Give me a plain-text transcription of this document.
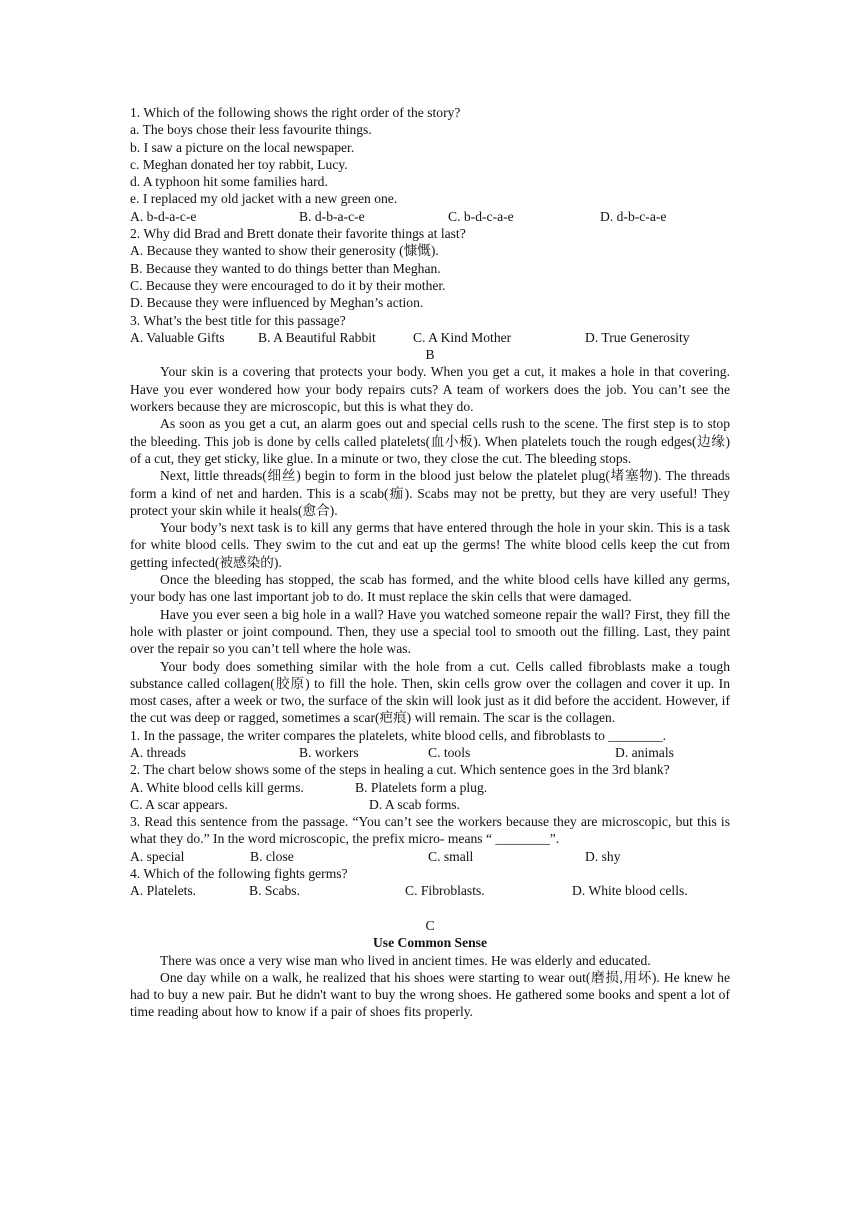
1. Which of the following shows the right order of the story?
a. The boys chose their less favourite things.
b. I saw a picture on the local newspaper.
c. Meghan donated her toy rabbit, Lucy.
d. A typhoon hit some families hard.
e. I replaced my old jacket with a new green one.
A. b-d-a-c-e	B. d-b-a-c-e	C. b-d-c-a-e	D. d-b-c-a-e
2. Why did Brad and Brett donate their favorite things at last?
A. Because they wanted to show their generosity (慷慨).
B. Because they wanted to do things better than Meghan.
C. Because they were encouraged to do it by their mother.
D. Because they were influenced by Meghan’s action.
3. What’s the best title for this passage?
A. Valuable Gifts B. A Beautiful Rabbit	C. A Kind Mother	D. True Generosity
B

Your skin is a covering that protects your body. When you get a cut, it makes a hole in that covering. Have you ever wondered how your body repairs cuts? A team of workers does the job. You can’t see the workers because they are microscopic, but this is what they do.

As soon as you get a cut, an alarm goes out and special cells rush to the scene. The first step is to stop the bleeding. This job is done by cells called platelets(血小板). When platelets touch the rough edges(边缘) of a cut, they get sticky, like glue. In a minute or two, they close the cut. The bleeding stops.

Next, little threads(细丝) begin to form in the blood just below the platelet plug(堵塞物). The threads form a kind of net and harden. This is a scab(痂). Scabs may not be pretty, but they are very useful! They protect your skin while it heals(愈合).

Your body’s next task is to kill any germs that have entered through the hole in your skin. This is a task for white blood cells. They swim to the cut and eat up the germs! The white blood cells keep the cut from getting infected(被感染的).

Once the bleeding has stopped, the scab has formed, and the white blood cells have killed any germs, your body has one last important job to do. It must replace the skin cells that were damaged.

Have you ever seen a big hole in a wall? Have you watched someone repair the wall? First, they fill the hole with plaster or joint compound. Then, they use a special tool to smooth out the filling. Last, they paint over the repair so you can’t tell where the hole was.

Your body does something similar with the hole from a cut. Cells called fibroblasts make a tough substance called collagen(胶原) to fill the hole. Then, skin cells grow over the collagen and cover it up. In most cases, after a week or two, the surface of the skin will look just as it did before the accident. However, if the cut was deep or ragged, sometimes a scar(疤痕) will remain. The scar is the collagen.

1. In the passage, the writer compares the platelets, white blood cells, and fibroblasts to ________.
A. threads	B. workers	C. tools	D. animals

2. The chart below shows some of the steps in healing a cut. Which sentence goes in the 3rd blank?

A. White blood cells kill germs.	B. Platelets form a plug.
C. A scar appears.	D. A scab forms.

3. Read this sentence from the passage. “You can’t see the workers because they are microscopic, but this is what they do.” In the word microscopic, the prefix micro- means “ ________”.

A. special	B. close	C. small	D. shy
4. Which of the following fights germs?
A. Platelets.	B. Scabs.	C. Fibroblasts.	D. White blood cells.
C
Use Common Sense

There was once a very wise man who lived in ancient times. He was elderly and educated.

One day while on a walk, he realized that his shoes were starting to wear out(磨损,用坏). He knew he had to buy a new pair. But he didn't want to buy the wrong shoes. He gathered some books and spent a lot of time reading about how to know if a pair of shoes fits properly.
